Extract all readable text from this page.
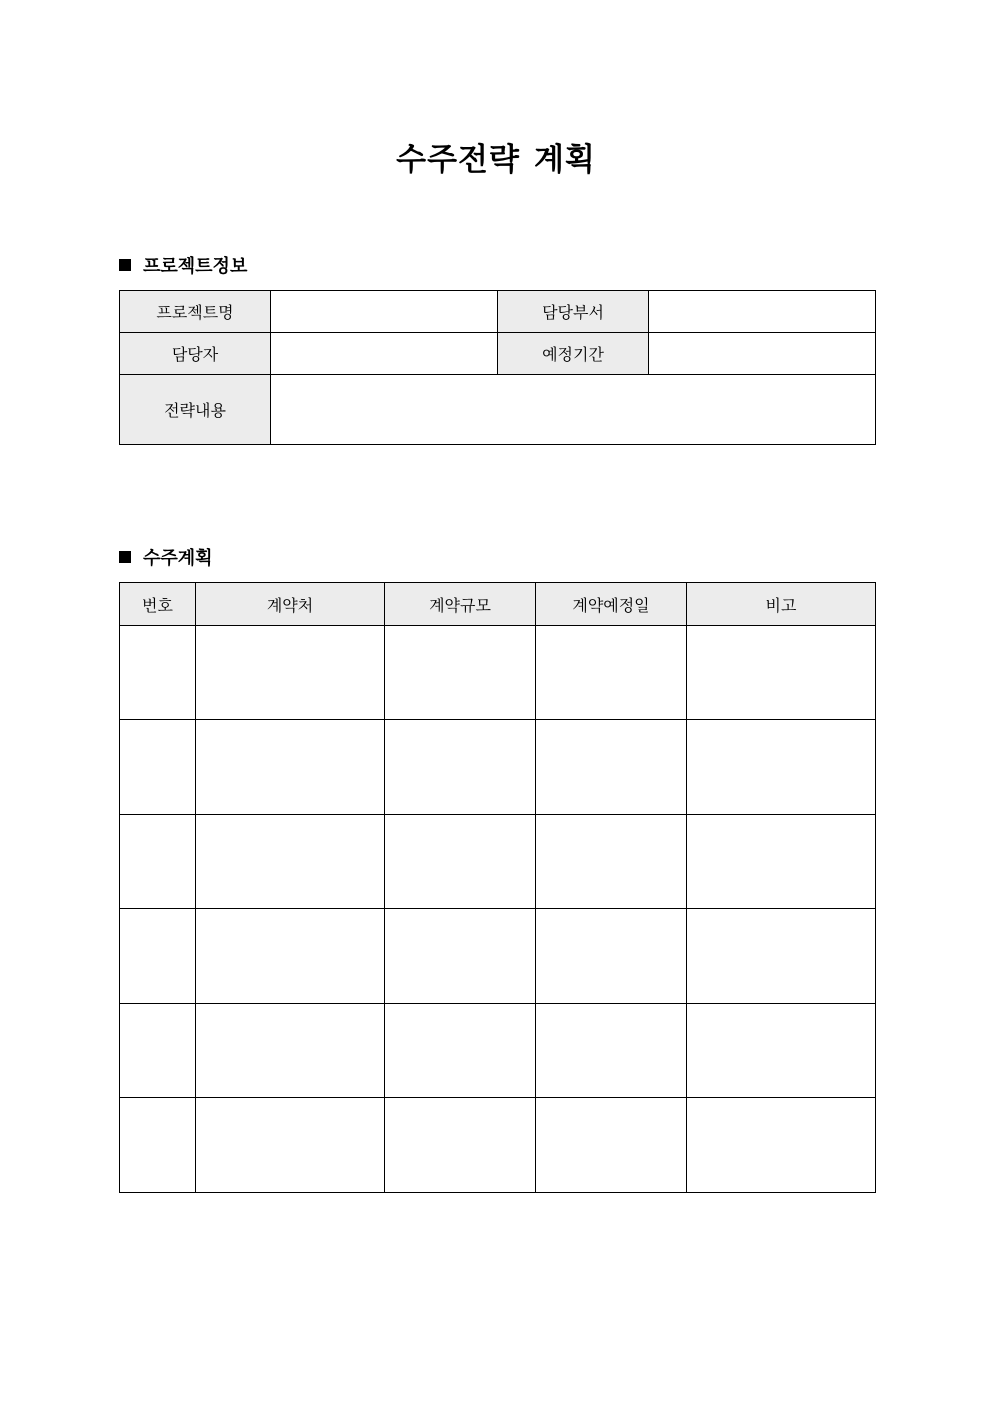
수주전략 계획
프로젝트정보
프로젝트명		담당부서	
담당자		예정기간	
전략내용			
수주계획
번호	계약처	계약규모	계약예정일	비고
